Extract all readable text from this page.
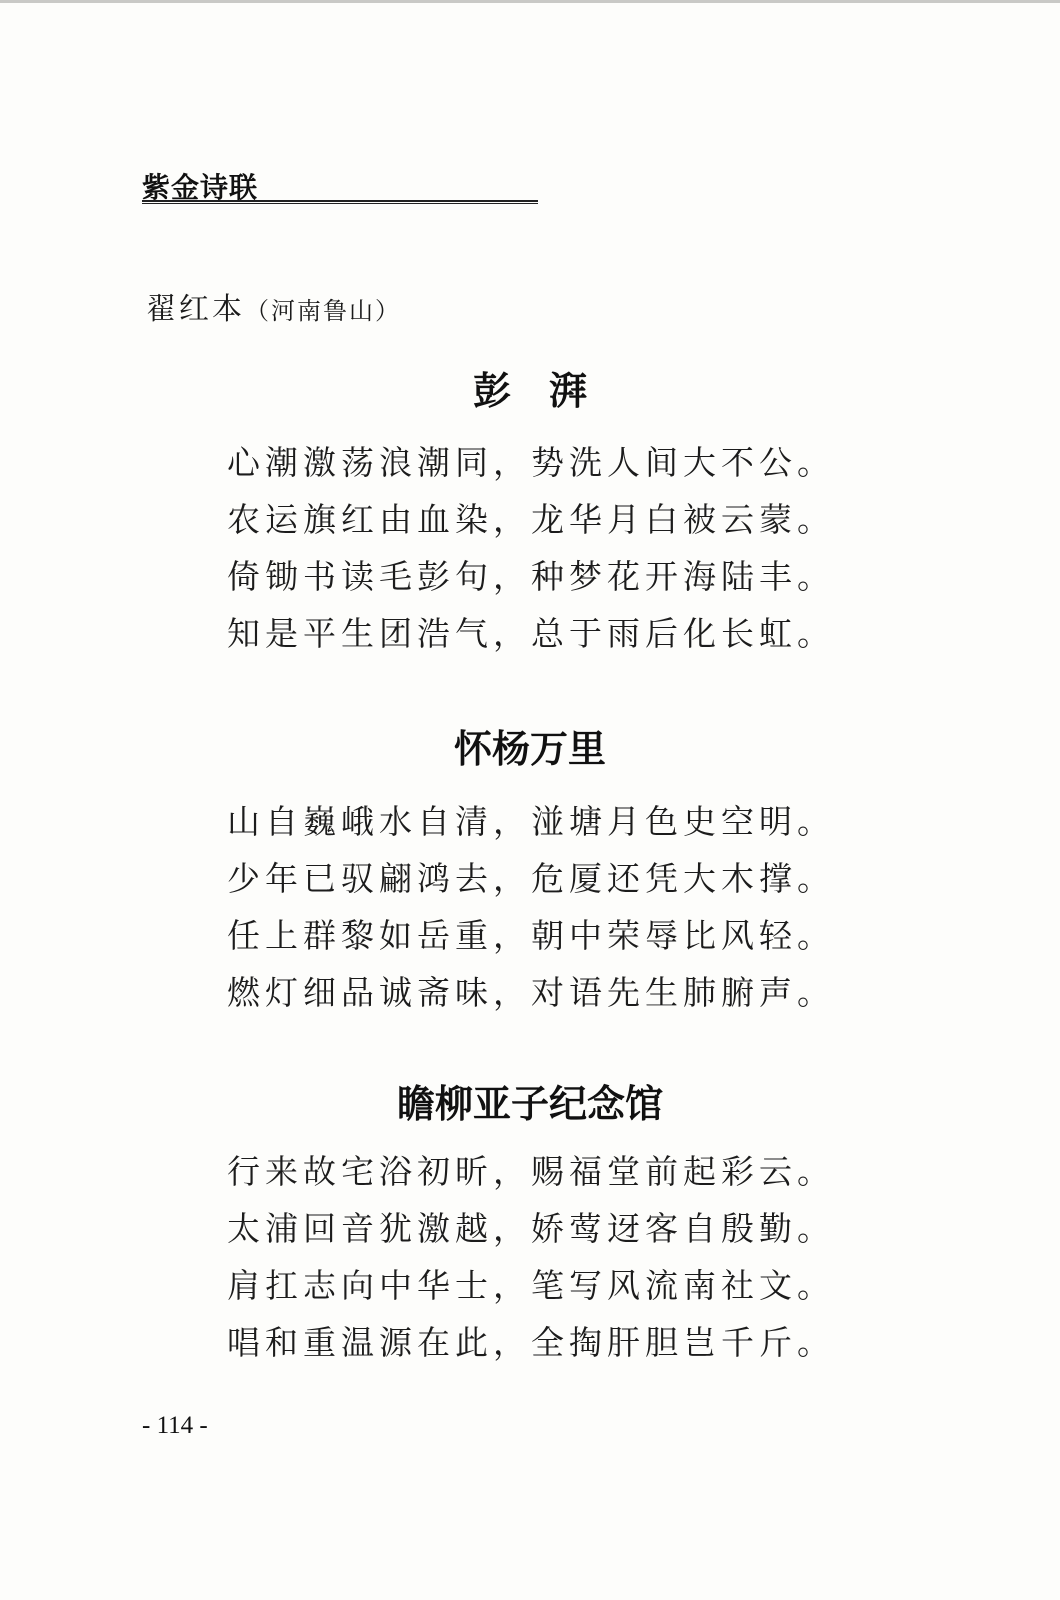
紫金诗联
翟红本（河南鲁山）
彭　湃
心潮激荡浪潮同，势洗人间大不公。
农运旗红由血染，龙华月白被云蒙。
倚锄书读毛彭句，种梦花开海陆丰。
知是平生团浩气，总于雨后化长虹。
怀杨万里
山自巍峨水自清，湴塘月色史空明。
少年已驭翩鸿去，危厦还凭大木撑。
任上群黎如岳重，朝中荣辱比风轻。
燃灯细品诚斋味，对语先生肺腑声。
瞻柳亚子纪念馆
行来故宅浴初昕，赐福堂前起彩云。
太浦回音犹激越，娇莺迓客自殷勤。
肩扛志向中华士，笔写风流南社文。
唱和重温源在此，全掏肝胆岂千斤。
- 114 -
